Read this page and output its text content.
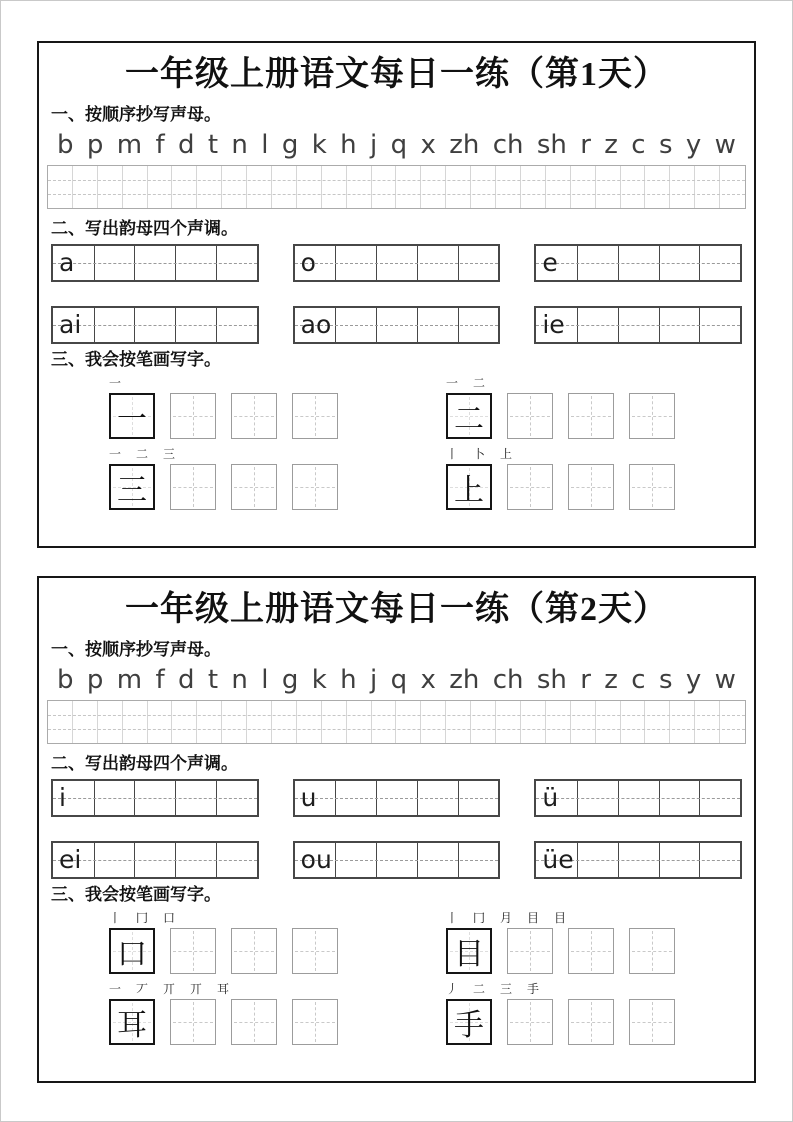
一年级上册语文每日一练（第1天）
一、按顺序抄写声母。
b p m f d t n l g k h j q x zh ch sh r z c s y w
二、写出韵母四个声调。
a	o	e
ai	ao	ie
三、我会按笔画写字。
一
一
一 二
二
一 二 三
三
丨 卜 上
上
一年级上册语文每日一练（第2天）
一、按顺序抄写声母。
b p m f d t n l g k h j q x zh ch sh r z c s y w
二、写出韵母四个声调。
i	u	ü
ei	ou	üe
三、我会按笔画写字。
丨 冂 口
口
丨 冂 月 目 目
目
一 丆 丌 丌 耳
耳
丿 二 三 手
手
